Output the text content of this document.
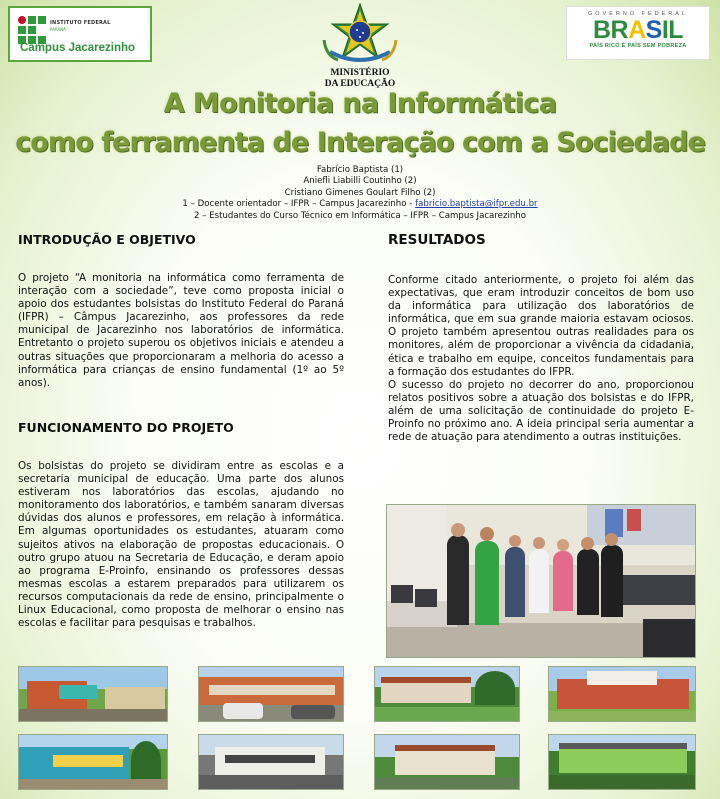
INSTITUTO FEDERAL
PARANÁ
Campus Jacarezinho
MINISTÉRIO
DA EDUCAÇÃO
GOVERNO FEDERAL
BRASIL
PAÍS RICO É PAÍS SEM POBREZA
A Monitoria na Informática
como ferramenta de Interação com a Sociedade
Fabrício Baptista (1)
Aniefli Liabilli Coutinho (2)
Cristiano Gimenes Goulart Filho (2)
1 – Docente orientador – IFPR – Campus Jacarezinho - fabricio.baptista@ifpr.edu.br
2 – Estudantes do Curso Técnico em Informática – IFPR – Campus Jacarezinho
INTRODUÇÃO E OBJETIVO

O projeto “A monitoria na informática como ferramenta de interação com a sociedade”, teve como proposta inicial o apoio dos estudantes bolsistas do Instituto Federal do Paraná (IFPR) – Câmpus Jacarezinho, aos professores da rede municipal de Jacarezinho nos laboratórios de informática. Entretanto o projeto superou os objetivos iniciais e atendeu a outras situações que proporcionaram a melhoria do acesso a informática para crianças de ensino fundamental (1º ao 5º anos).

FUNCIONAMENTO DO PROJETO

Os bolsistas do projeto se dividiram entre as escolas e a secretaria municipal de educação. Uma parte dos alunos estiveram nos laboratórios das escolas, ajudando no monitoramento dos laboratórios, e também sanaram diversas dúvidas dos alunos e professores, em relação à informática. Em algumas oportunidades os estudantes, atuaram como sujeitos ativos na elaboração de propostas educacionais. O outro grupo atuou na Secretaria de Educação, e deram apoio ao programa E-Proinfo, ensinando os professores dessas mesmas escolas a estarem preparados para utilizarem os recursos computacionais da rede de ensino, principalmente o Linux Educacional, como proposta de melhorar o ensino nas escolas e facilitar para pesquisas e trabalhos.

RESULTADOS

Conforme citado anteriormente, o projeto foi além das expectativas, que eram introduzir conceitos de bom uso da informática para utilização dos laboratórios de informática, que em sua grande maioria estavam ociosos. O projeto também apresentou outras realidades para os monitores, além de proporcionar a vivência da cidadania, ética e trabalho em equipe, conceitos fundamentais para a formação dos estudantes do IFPR.

O sucesso do projeto no decorrer do ano, proporcionou relatos positivos sobre a atuação dos bolsistas e do IFPR, além de uma solicitação de continuidade do projeto E-Proinfo no próximo ano. A ideia principal seria aumentar a rede de atuação para atendimento a outras instituições.
